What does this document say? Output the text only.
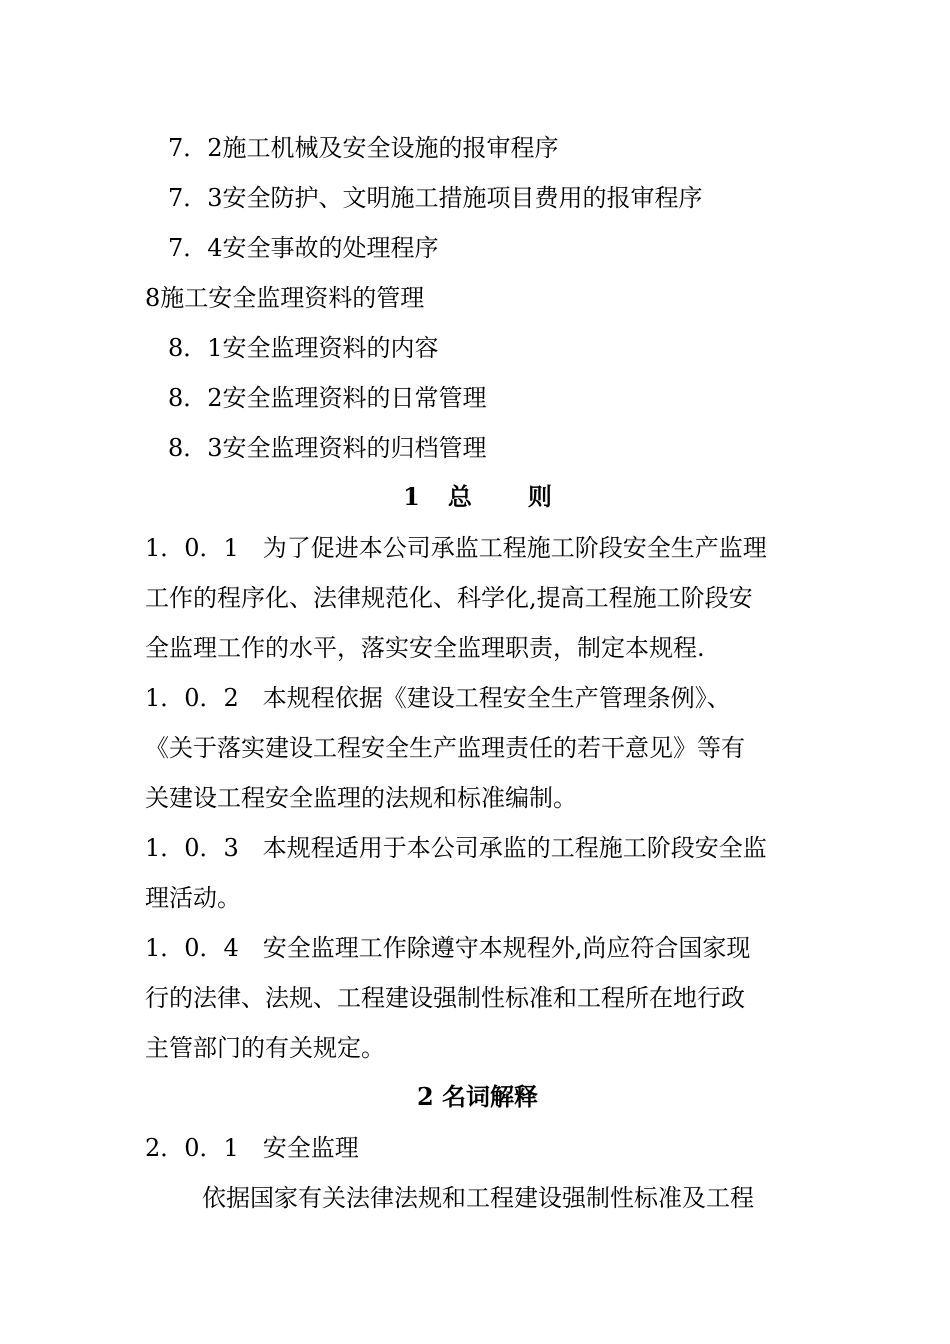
7．2施工机械及安全设施的报审程序
7．3安全防护、文明施工措施项目费用的报审程序
7．4安全事故的处理程序
8施工安全监理资料的管理
8．1安全监理资料的内容
8．2安全监理资料的日常管理
8．3安全监理资料的归档管理
1 总 则
1．0．1　为了促进本公司承监工程施工阶段安全生产监理
工作的程序化、法律规范化、科学化,提高工程施工阶段安
全监理工作的水平，落实安全监理职责，制定本规程.
1．0．2　本规程依据《建设工程安全生产管理条例》、
《关于落实建设工程安全生产监理责任的若干意见》等有
关建设工程安全监理的法规和标准编制。
1．0．3　本规程适用于本公司承监的工程施工阶段安全监
理活动。
1．0．4　安全监理工作除遵守本规程外,尚应符合国家现
行的法律、法规、工程建设强制性标准和工程所在地行政
主管部门的有关规定。
2 名词解释
2．0．1　安全监理
依据国家有关法律法规和工程建设强制性标准及工程
